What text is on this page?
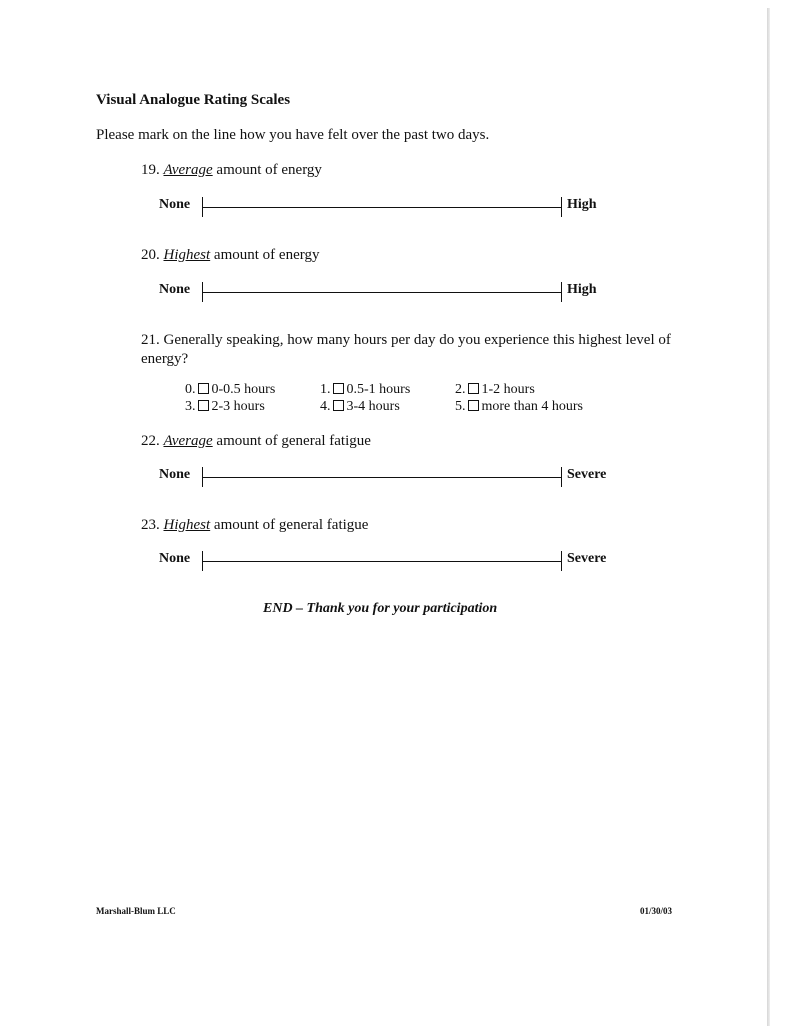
Visual Analogue Rating Scales
Please mark on the line how you have felt over the past two days.
19. Average amount of energy
None	High
20. Highest amount of energy
None	High
21. Generally speaking, how many hours per day do you experience this highest level of energy?
0. 0-0.5 hours	1. 0.5-1 hours	2. 1-2 hours
3. 2-3 hours	4. 3-4 hours	5. more than 4 hours
22. Average amount of general fatigue
None	Severe
23. Highest amount of general fatigue
None	Severe
END – Thank you for your participation
Marshall-Blum LLC	01/30/03
